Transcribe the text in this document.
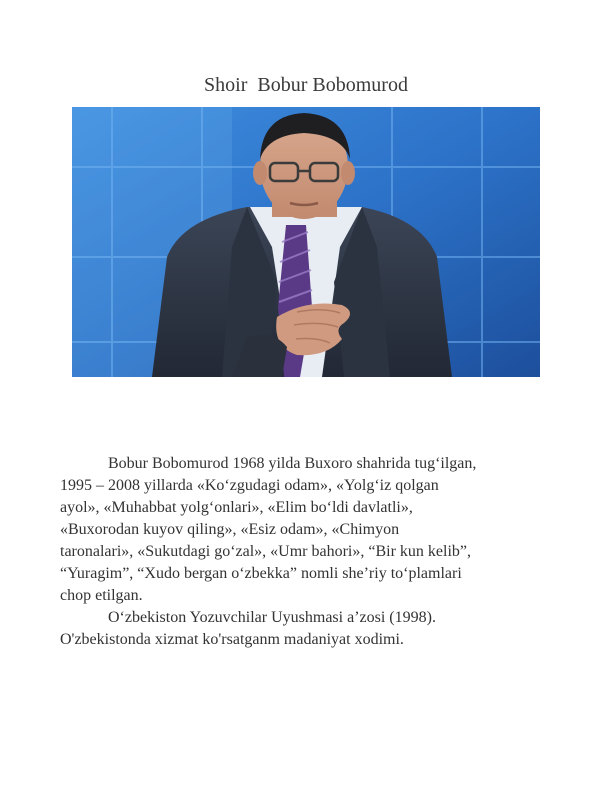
Shoir  Bobur Bobomurod

Bobur Bobomurod 1968 yilda Buxoro shahrida tug‘ilgan,
1995 – 2008 yillarda «Ko‘zgudagi odam», «Yolg‘iz qolgan
ayol», «Muhabbat yolg‘onlari», «Elim bo‘ldi davlatli»,
«Buxorodan kuyov qiling», «Esiz odam», «Chimyon
taronalari», «Sukutdagi go‘zal», «Umr bahori», “Bir kun kelib”,
“Yuragim”, “Xudo bergan o‘zbekka” nomli she’riy to‘plamlari
chop etilgan.

O‘zbekiston Yozuvchilar Uyushmasi a’zosi (1998).
O'zbekistonda xizmat ko'rsatganm madaniyat xodimi.
